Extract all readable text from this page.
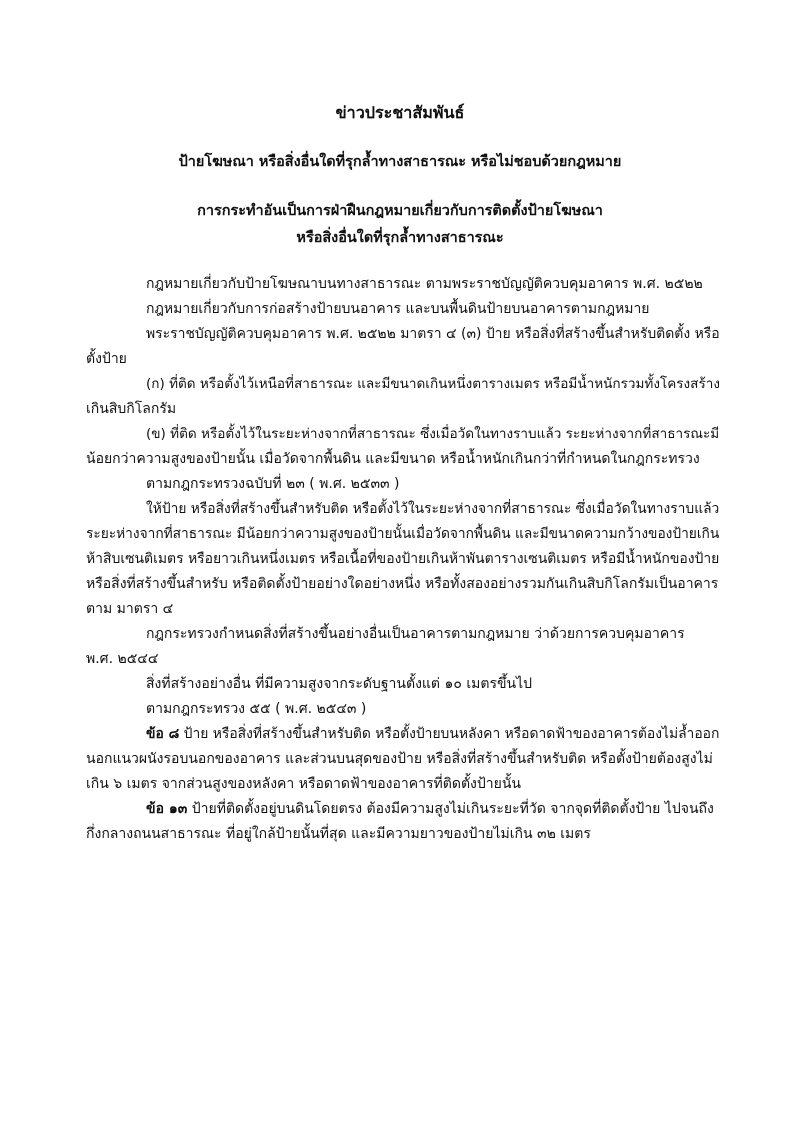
ข่าวประชาสัมพันธ์
ป้ายโฆษณา หรือสิ่งอื่นใดที่รุกล้ำทางสาธารณะ หรือไม่ชอบด้วยกฎหมาย
การกระทำอันเป็นการฝ่าฝืนกฎหมายเกี่ยวกับการติดตั้งป้ายโฆษณา
หรือสิ่งอื่นใดที่รุกล้ำทางสาธารณะ
กฎหมายเกี่ยวกับป้ายโฆษณาบนทางสาธารณะ ตามพระราชบัญญัติควบคุมอาคาร พ.ศ. ๒๕๒๒
กฎหมายเกี่ยวกับการก่อสร้างป้ายบนอาคาร และบนพื้นดินป้ายบนอาคารตามกฎหมาย
พระราชบัญญัติควบคุมอาคาร พ.ศ. ๒๕๒๒ มาตรา ๔ (๓) ป้าย หรือสิ่งที่สร้างขึ้นสำหรับติดตั้ง หรือ
ตั้งป้าย
(ก) ที่ติด หรือตั้งไว้เหนือที่สาธารณะ และมีขนาดเกินหนึ่งตารางเมตร หรือมีน้ำหนักรวมทั้งโครงสร้าง
เกินสิบกิโลกรัม
(ข) ที่ติด หรือตั้งไว้ในระยะห่างจากที่สาธารณะ ซึ่งเมื่อวัดในทางราบแล้ว ระยะห่างจากที่สาธารณะมี
น้อยกว่าความสูงของป้ายนั้น เมื่อวัดจากพื้นดิน และมีขนาด หรือน้ำหนักเกินกว่าที่กำหนดในกฎกระทรวง
ตามกฎกระทรวงฉบับที่ ๒๓ ( พ.ศ. ๒๕๓๓ )
ให้ป้าย หรือสิ่งที่สร้างขึ้นสำหรับติด หรือตั้งไว้ในระยะห่างจากที่สาธารณะ ซึ่งเมื่อวัดในทางราบแล้ว
ระยะห่างจากที่สาธารณะ มีน้อยกว่าความสูงของป้ายนั้นเมื่อวัดจากพื้นดิน และมีขนาดความกว้างของป้ายเกิน
ห้าสิบเซนติเมตร หรือยาวเกินหนึ่งเมตร หรือเนื้อที่ของป้ายเกินห้าพันตารางเซนติเมตร หรือมีน้ำหนักของป้าย
หรือสิ่งที่สร้างขึ้นสำหรับ หรือติดตั้งป้ายอย่างใดอย่างหนึ่ง หรือทั้งสองอย่างรวมกันเกินสิบกิโลกรัมเป็นอาคาร
ตาม มาตรา ๔
กฎกระทรวงกำหนดสิ่งที่สร้างขึ้นอย่างอื่นเป็นอาคารตามกฎหมาย ว่าด้วยการควบคุมอาคาร
พ.ศ. ๒๕๔๔
สิ่งที่สร้างอย่างอื่น ที่มีความสูงจากระดับฐานตั้งแต่ ๑๐ เมตรขึ้นไป
ตามกฎกระทรวง ๕๕ ( พ.ศ. ๒๕๔๓ )
ข้อ ๘ ป้าย หรือสิ่งที่สร้างขึ้นสำหรับติด หรือตั้งป้ายบนหลังคา หรือดาดฟ้าของอาคารต้องไม่ล้ำออก
นอกแนวผนังรอบนอกของอาคาร และส่วนบนสุดของป้าย หรือสิ่งที่สร้างขึ้นสำหรับติด หรือตั้งป้ายต้องสูงไม่
เกิน ๖ เมตร จากส่วนสูงของหลังคา หรือดาดฟ้าของอาคารที่ติดตั้งป้ายนั้น
ข้อ ๑๓ ป้ายที่ติดตั้งอยู่บนดินโดยตรง ต้องมีความสูงไม่เกินระยะที่วัด จากจุดที่ติดตั้งป้าย ไปจนถึง
กึ่งกลางถนนสาธารณะ ที่อยู่ใกล้ป้ายนั้นที่สุด และมีความยาวของป้ายไม่เกิน ๓๒ เมตร
